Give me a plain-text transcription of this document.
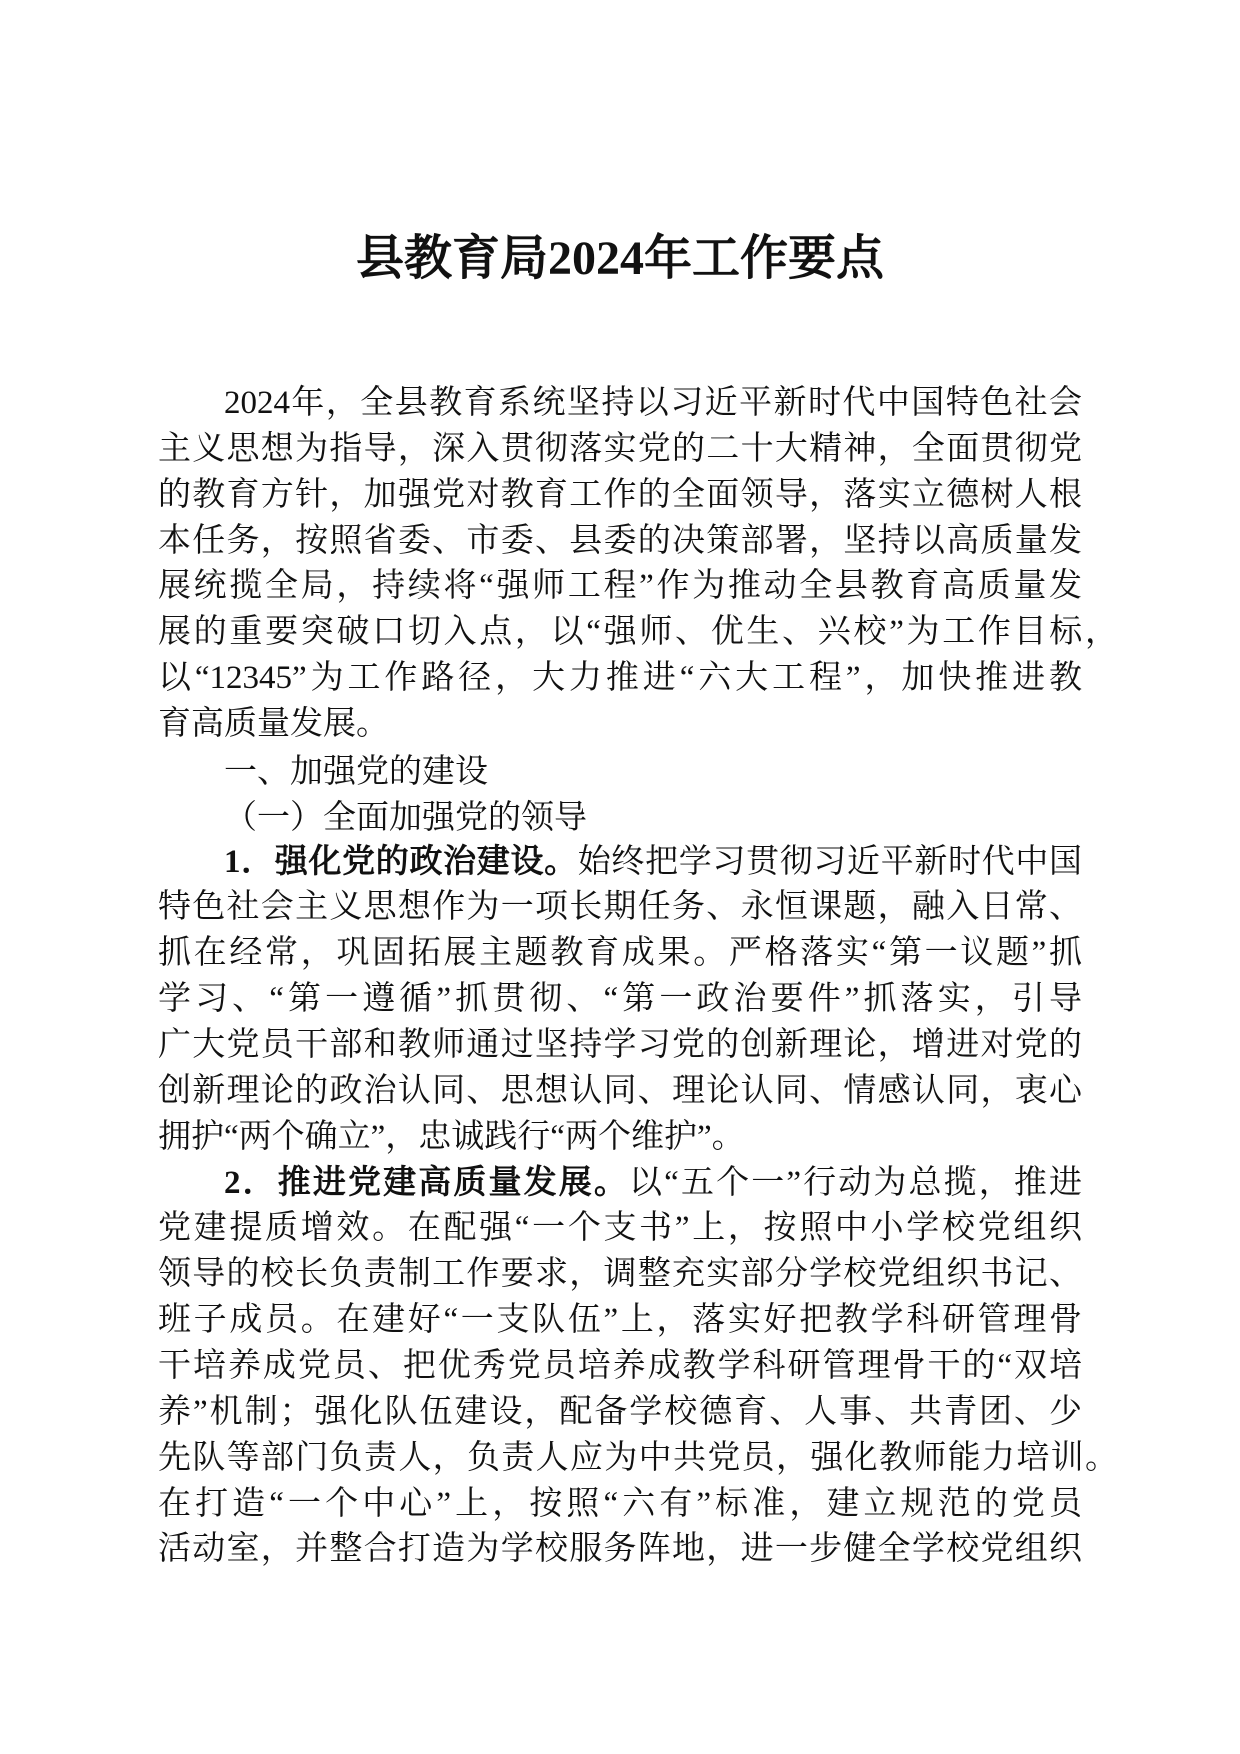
县教育局2024年工作要点
2024年，全县教育系统坚持以习近平新时代中国特色社会
主义思想为指导，深入贯彻落实党的二十大精神，全面贯彻党
的教育方针，加强党对教育工作的全面领导，落实立德树人根
本任务，按照省委、市委、县委的决策部署，坚持以高质量发
展统揽全局，持续将“强师工程”作为推动全县教育高质量发
展的重要突破口切入点，以“强师、优生、兴校”为工作目标，
以“12345”为工作路径，大力推进“六大工程”，加快推进教
育高质量发展。
一、加强党的建设
（一）全面加强党的领导
1．强化党的政治建设。始终把学习贯彻习近平新时代中国
特色社会主义思想作为一项长期任务、永恒课题，融入日常、
抓在经常，巩固拓展主题教育成果。严格落实“第一议题”抓
学习、“第一遵循”抓贯彻、“第一政治要件”抓落实，引导
广大党员干部和教师通过坚持学习党的创新理论，增进对党的
创新理论的政治认同、思想认同、理论认同、情感认同，衷心
拥护“两个确立”，忠诚践行“两个维护”。
2．推进党建高质量发展。以“五个一”行动为总揽，推进
党建提质增效。在配强“一个支书”上，按照中小学校党组织
领导的校长负责制工作要求，调整充实部分学校党组织书记、
班子成员。在建好“一支队伍”上，落实好把教学科研管理骨
干培养成党员、把优秀党员培养成教学科研管理骨干的“双培
养”机制；强化队伍建设，配备学校德育、人事、共青团、少
先队等部门负责人，负责人应为中共党员，强化教师能力培训。
在打造“一个中心”上，按照“六有”标准，建立规范的党员
活动室，并整合打造为学校服务阵地，进一步健全学校党组织
